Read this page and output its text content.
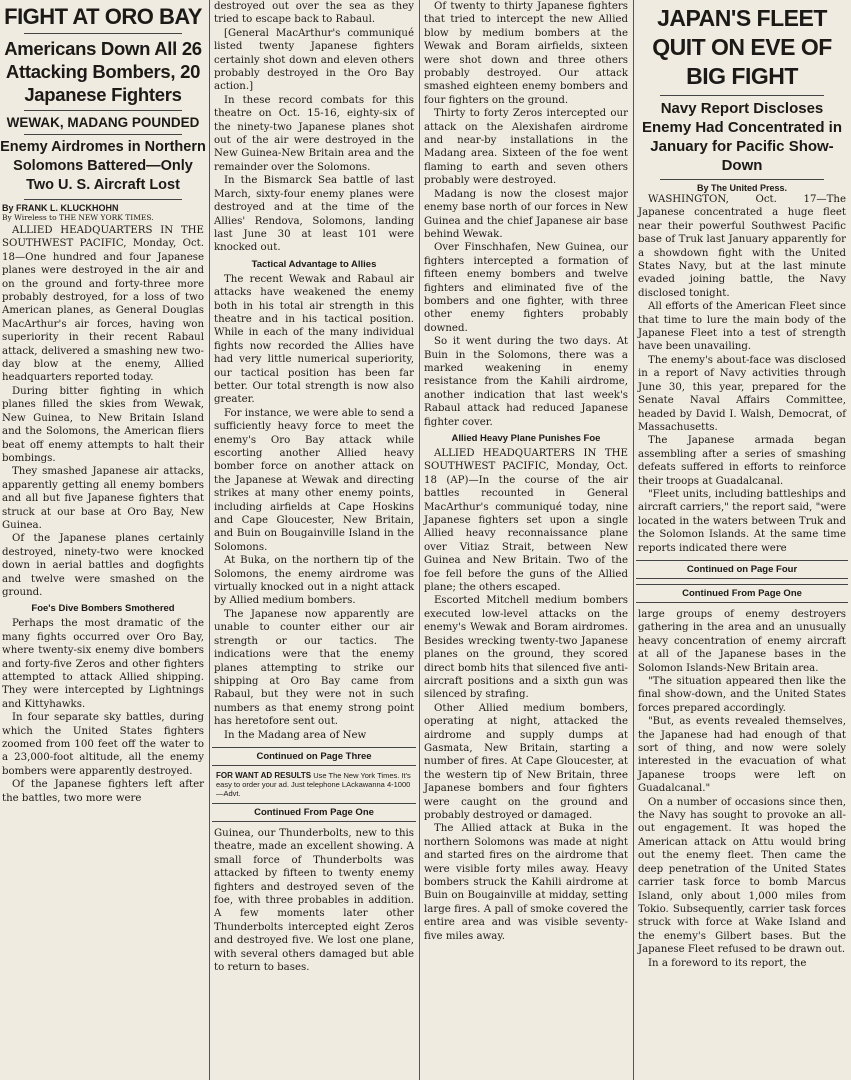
FIGHT AT ORO BAY
Americans Down All 26 Attacking Bombers, 20 Japanese Fighters
WEWAK, MADANG POUNDED
Enemy Airdromes in Northern Solomons Battered—Only Two U. S. Aircraft Lost
By FRANK L. KLUCKHOHN
By Wireless to THE NEW YORK TIMES.

ALLIED HEADQUARTERS IN THE SOUTHWEST PACIFIC, Monday, Oct. 18—One hundred and four Japanese planes were destroyed in the air and on the ground and forty-three more probably destroyed, for a loss of two American planes, as General Douglas MacArthur's air forces, having won superiority in their recent Rabaul attack, delivered a smashing new two-day blow at the enemy, Allied headquarters reported today.

During bitter fighting in which planes filled the skies from Wewak, New Guinea, to New Britain Island and the Solomons, the American fliers beat off enemy attempts to halt their bombings.

They smashed Japanese air attacks, apparently getting all enemy bombers and all but five Japanese fighters that struck at our base at Oro Bay, New Guinea.

Of the Japanese planes certainly destroyed, ninety-two were knocked down in aerial battles and dogfights and twelve were smashed on the ground.

Foe's Dive Bombers Smothered

Perhaps the most dramatic of the many fights occurred over Oro Bay, where twenty-six enemy dive bombers and forty-five Zeros and other fighters attempted to attack Allied shipping. They were intercepted by Lightnings and Kittyhawks.

In four separate sky battles, during which the United States fighters zoomed from 100 feet off the water to a 23,000-foot altitude, all the enemy bombers were apparently destroyed.

Of the Japanese fighters left after the battles, two more were

destroyed out over the sea as they tried to escape back to Rabaul.

[General MacArthur's communiqué listed twenty Japanese fighters certainly shot down and eleven others probably destroyed in the Oro Bay action.]

In these record combats for this theatre on Oct. 15-16, eighty-six of the ninety-two Japanese planes shot out of the air were destroyed in the New Guinea-New Britain area and the remainder over the Solomons.

In the Bismarck Sea battle of last March, sixty-four enemy planes were destroyed and at the time of the Allies' Rendova, Solomons, landing last June 30 at least 101 were knocked out.

Tactical Advantage to Allies

The recent Wewak and Rabaul air attacks have weakened the enemy both in his total air strength in this theatre and in his tactical position. While in each of the many individual fights now recorded the Allies have had very little numerical superiority, our tactical position has been far better. Our total strength is now also greater.

For instance, we were able to send a sufficiently heavy force to meet the enemy's Oro Bay attack while escorting another Allied heavy bomber force on another attack on the Japanese at Wewak and directing strikes at many other enemy points, including airfields at Cape Hoskins and Cape Gloucester, New Britain, and Buin on Bougainville Island in the Solomons.

At Buka, on the northern tip of the Solomons, the enemy airdrome was virtually knocked out in a night attack by Allied medium bombers.

The Japanese now apparently are unable to counter either our air strength or our tactics. The indications were that the enemy planes attempting to strike our shipping at Oro Bay came from Rabaul, but they were not in such numbers as that enemy strong point has heretofore sent out.

In the Madang area of New

Continued on Page Three
FOR WANT AD RESULTS Use The New York Times. It's easy to order your ad. Just telephone LAckawanna 4-1000—Advt.
Continued From Page One

Guinea, our Thunderbolts, new to this theatre, made an excellent showing. A small force of Thunderbolts was attacked by fifteen to twenty enemy fighters and destroyed seven of the foe, with three probables in addition. A few moments later other Thunderbolts intercepted eight Zeros and destroyed five. We lost one plane, with several others damaged but able to return to bases.

Of twenty to thirty Japanese fighters that tried to intercept the new Allied blow by medium bombers at the Wewak and Boram airfields, sixteen were shot down and three others probably destroyed. Our attack smashed eighteen enemy bombers and four fighters on the ground.

Thirty to forty Zeros intercepted our attack on the Alexishafen airdrome and near-by installations in the Madang area. Sixteen of the foe went flaming to earth and seven others probably were destroyed.

Madang is now the closest major enemy base north of our forces in New Guinea and the chief Japanese air base behind Wewak.

Over Finschhafen, New Guinea, our fighters intercepted a formation of fifteen enemy bombers and twelve fighters and eliminated five of the bombers and one fighter, with three other enemy fighters probably downed.

So it went during the two days. At Buin in the Solomons, there was a marked weakening in enemy resistance from the Kahili airdrome, another indication that last week's Rabaul attack had reduced Japanese fighter cover.

Allied Heavy Plane Punishes Foe

ALLIED HEADQUARTERS IN THE SOUTHWEST PACIFIC, Monday, Oct. 18 (AP)—In the course of the air battles recounted in General MacArthur's communiqué today, nine Japanese fighters set upon a single Allied heavy reconnaissance plane over Vitiaz Strait, between New Guinea and New Britain. Two of the foe fell before the guns of the Allied plane; the others escaped.

Escorted Mitchell medium bombers executed low-level attacks on the enemy's Wewak and Boram airdromes. Besides wrecking twenty-two Japanese planes on the ground, they scored direct bomb hits that silenced five anti-aircraft positions and a sixth gun was silenced by strafing.

Other Allied medium bombers, operating at night, attacked the airdrome and supply dumps at Gasmata, New Britain, starting a number of fires. At Cape Gloucester, at the western tip of New Britain, three Japanese bombers and four fighters were caught on the ground and probably destroyed or damaged.

The Allied attack at Buka in the northern Solomons was made at night and started fires on the airdrome that were visible forty miles away. Heavy bombers struck the Kahili airdrome at Buin on Bougainville at midday, setting large fires. A pall of smoke covered the entire area and was visible seventy-five miles away.

JAPAN'S FLEET QUIT ON EVE OF BIG FIGHT
Navy Report Discloses Enemy Had Concentrated in January for Pacific Show-Down
By The United Press.

WASHINGTON, Oct. 17—The Japanese concentrated a huge fleet near their powerful Southwest Pacific base of Truk last January apparently for a showdown fight with the United States Navy, but at the last minute evaded joining battle, the Navy disclosed tonight.

All efforts of the American Fleet since that time to lure the main body of the Japanese Fleet into a test of strength have been unavailing.

The enemy's about-face was disclosed in a report of Navy activities through June 30, this year, prepared for the Senate Naval Affairs Committee, headed by David I. Walsh, Democrat, of Massachusetts.

The Japanese armada began assembling after a series of smashing defeats suffered in efforts to reinforce their troops at Guadalcanal.

"Fleet units, including battleships and aircraft carriers," the report said, "were located in the waters between Truk and the Solomon Islands. At the same time reports indicated there were

Continued on Page Four
Continued From Page One

large groups of enemy destroyers gathering in the area and an unusually heavy concentration of enemy aircraft at all of the Japanese bases in the Solomon Islands-New Britain area.

"The situation appeared then like the final show-down, and the United States forces prepared accordingly.

"But, as events revealed themselves, the Japanese had had enough of that sort of thing, and now were solely interested in the evacuation of what Japanese troops were left on Guadalcanal."

On a number of occasions since then, the Navy has sought to provoke an all-out engagement. It was hoped the American attack on Attu would bring out the enemy fleet. Then came the deep penetration of the United States carrier task force to bomb Marcus Island, only about 1,000 miles from Tokio. Subsequently, carrier task forces struck with force at Wake Island and the enemy's Gilbert bases. But the Japanese Fleet refused to be drawn out.

In a foreword to its report, the
